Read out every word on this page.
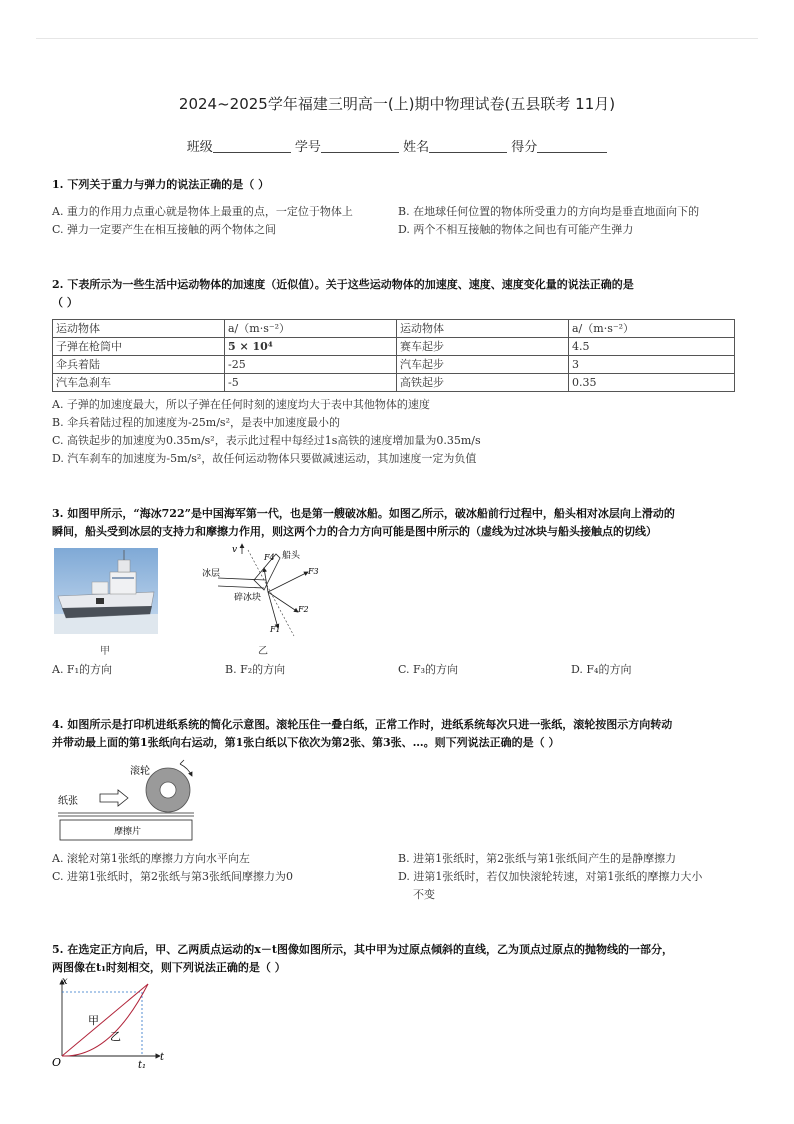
2024~2025学年福建三明高一(上)期中物理试卷(五县联考 11月)
班级	学号	姓名	得分
1. 下列关于重力与弹力的说法正确的是（ ）
A. 重力的作用力点重心就是物体上最重的点，一定位于物体上	B. 在地球任何位置的物体所受重力的方向均是垂直地面向下的
C. 弹力一定要产生在相互接触的两个物体之间	D. 两个不相互接触的物体之间也有可能产生弹力
2. 下表所示为一些生活中运动物体的加速度（近似值）。关于这些运动物体的加速度、速度、速度变化量的说法正确的是
（ ）
运动物体	a/（m·s⁻²）	运动物体	a/（m·s⁻²）
子弹在枪筒中	5 × 10⁴	赛车起步	4.5
伞兵着陆	-25	汽车起步	3
汽车急刹车	-5	高铁起步	0.35
A. 子弹的加速度最大，所以子弹在任何时刻的速度均大于表中其他物体的速度
B. 伞兵着陆过程的加速度为-25m/s²，是表中加速度最小的
C. 高铁起步的加速度为0.35m/s²，表示此过程中每经过1s高铁的速度增加量为0.35m/s
D. 汽车刹车的加速度为-5m/s²，故任何运动物体只要做减速运动，其加速度一定为负值
3. 如图甲所示，“海冰722”是中国海军第一代，也是第一艘破冰船。如图乙所示，破冰船前行过程中，船头相对冰层向上滑动的
瞬间，船头受到冰层的支持力和摩擦力作用，则这两个力的合力方向可能是图中所示的（虚线为过冰块与船头接触点的切线）
甲
v
冰层
船头
碎冰块
F4
F3
F2
F1
乙
A. F₁的方向	B. F₂的方向	C. F₃的方向	D. F₄的方向
4. 如图所示是打印机进纸系统的简化示意图。滚轮压住一叠白纸，正常工作时，进纸系统每次只进一张纸，滚轮按图示方向转动
并带动最上面的第1张纸向右运动，第1张白纸以下依次为第2张、第3张、…。则下列说法正确的是（ ）
滚轮
纸张
摩擦片
A. 滚轮对第1张纸的摩擦力方向水平向左	B. 进第1张纸时，第2张纸与第1张纸间产生的是静摩擦力
C. 进第1张纸时，第2张纸与第3张纸间摩擦力为0	D. 进第1张纸时，若仅加快滚轮转速，对第1张纸的摩擦力大小
不变
5. 在选定正方向后，甲、乙两质点运动的x－t图像如图所示，其中甲为过原点倾斜的直线，乙为顶点过原点的抛物线的一部分，
两图像在t₁时刻相交，则下列说法正确的是（ ）
x
t
O	t₁
甲
乙
